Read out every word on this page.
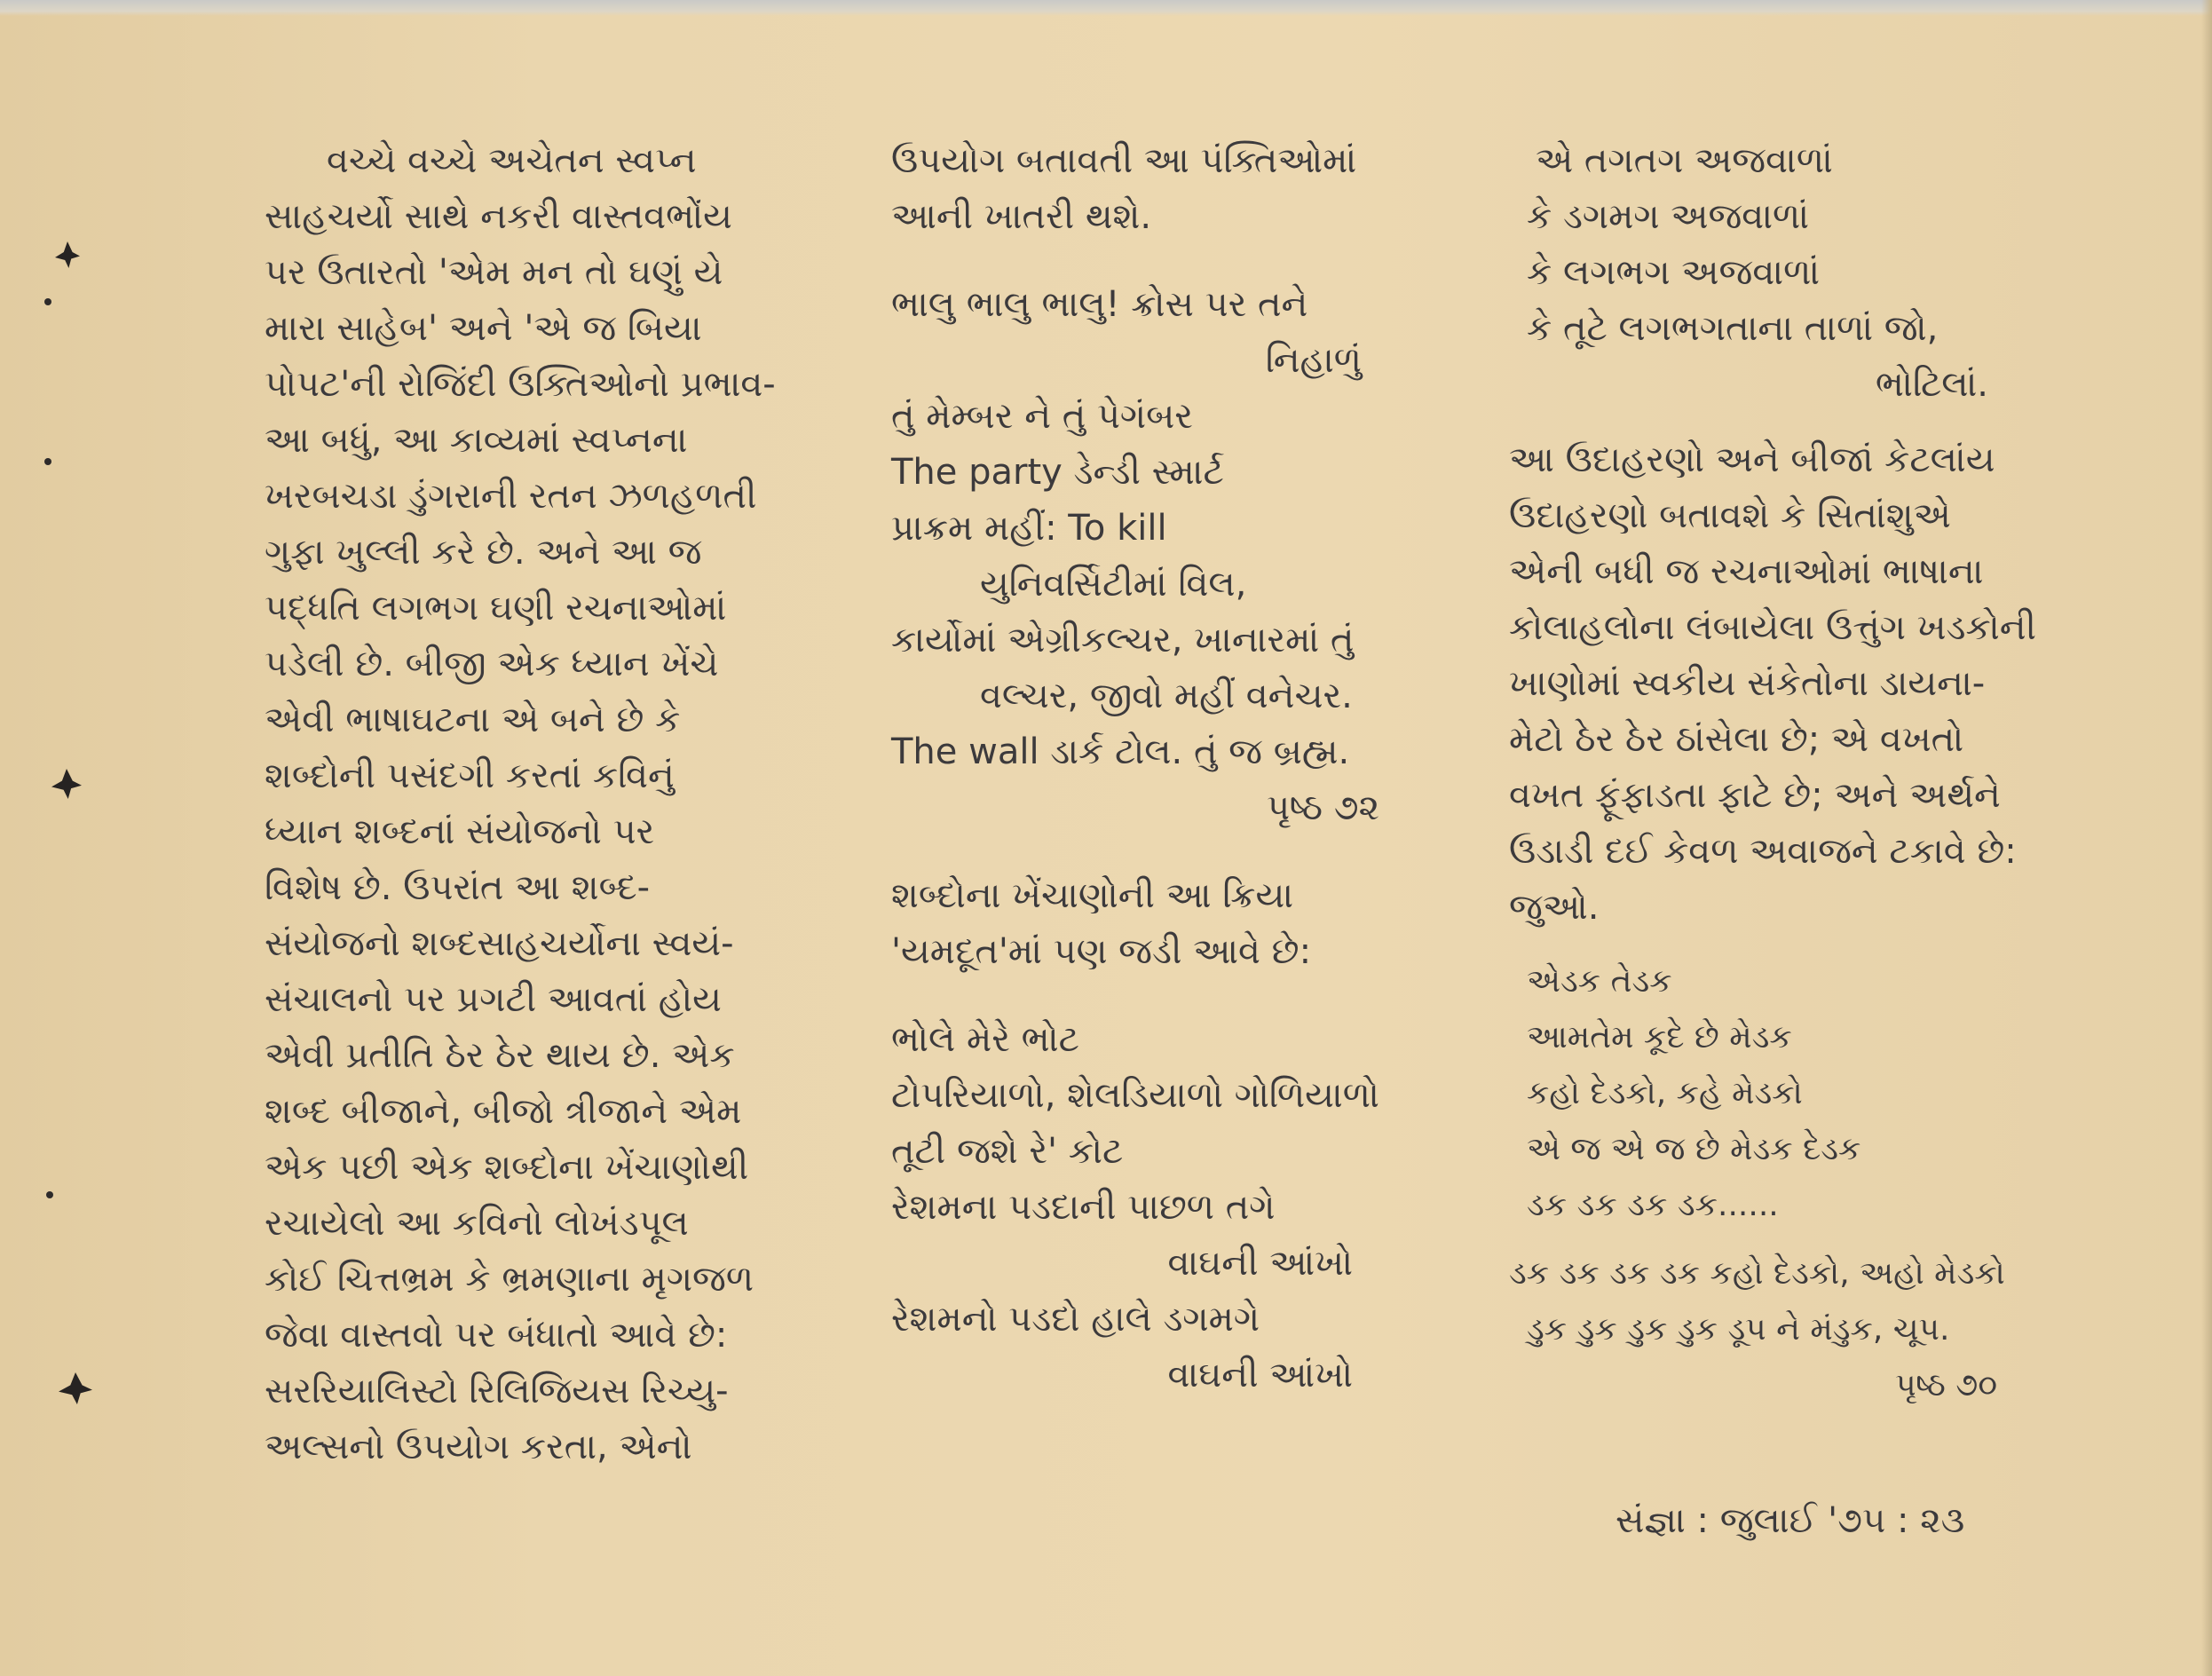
વચ્ચે વચ્ચે અચેતન સ્વપ્ન
સાહચર્યો સાથે નકરી વાસ્તવભોંય
પર ઉતારતો 'એમ મન તો ઘણું યે
મારા સાહેબ' અને 'એ જ બિયા
પોપટ'ની રોજિંદી ઉક્તિઓનો પ્રભાવ-
આ બધું, આ કાવ્યમાં સ્વપ્નના
ખરબચડા ડુંગરાની રતન ઝળહળતી
ગુફા ખુલ્લી કરે છે. અને આ જ
પદ્ધતિ લગભગ ઘણી રચનાઓમાં
પડેલી છે. બીજી એક ધ્યાન ખેંચે
એવી ભાષાઘટના એ બને છે કે
શબ્દોની પસંદગી કરતાં કવિનું
ધ્યાન શબ્દનાં સંયોજનો પર
વિશેષ છે. ઉપરાંત આ શબ્દ-
સંયોજનો શબ્દસાહચર્યોના સ્વયં-
સંચાલનો પર પ્રગટી આવતાં હોય
એવી પ્રતીતિ ઠેર ઠેર થાય છે. એક
શબ્દ બીજાને, બીજો ત્રીજાને એમ
એક પછી એક શબ્દોના ખેંચાણોથી
રચાયેલો આ કવિનો લોખંડપૂલ
કોઈ ચિત્તભ્રમ કે ભ્રમણાના મૃગજળ
જેવા વાસ્તવો પર બંધાતો આવે છે:
સરરિયાલિસ્ટો રિલિજિયસ રિચ્યુ-
અલ્સનો ઉપયોગ કરતા, એનો
ઉપયોગ બતાવતી આ પંક્તિઓમાં
આની ખાતરી થશે.
ભાલુ ભાલુ ભાલુ! ક્રોસ પર તને
નિહાળું
તું મેમ્બર ને તું પેગંબર
The party ડેન્ડી સ્માર્ટ
પ્રાક્રમ મહીં: To kill
યુનિવર્સિટીમાં વિલ,
કાર્યોમાં એગ્રીકલ્ચર, ખાનારમાં તું
વલ્ચર, જીવો મહીં વનેચર.
The wall ડાર્ક ટોલ. તું જ બ્રહ્મ.
પૃષ્ઠ ૭૨
શબ્દોના ખેંચાણોની આ ક્રિયા
'યમદૂત'માં પણ જડી આવે છે:
ભોલે મેરે ભોટ
ટોપરિયાળો, શેલડિયાળો ગોળિયાળો
તૂટી જશે રે' કોટ
રેશમના પડદાની પાછળ તગે
વાઘની આંખો
રેશમનો પડદો હાલે ડગમગે
વાઘની આંખો
એ તગતગ અજવાળાં
કે ડગમગ અજવાળાં
કે લગભગ અજવાળાં
કે તૂટે લગભગતાના તાળાં જો,
ભોટિલાં.
આ ઉદાહરણો અને બીજાં કેટલાંય
ઉદાહરણો બતાવશે કે સિતાંશુએ
એની બધી જ રચનાઓમાં ભાષાના
કોલાહલોના લંબાયેલા ઉત્તુંગ ખડકોની
ખાણોમાં સ્વકીય સંકેતોના ડાયના-
મેટો ઠેર ઠેર ઠાંસેલા છે; એ વખતો
વખત ફૂંફાડતા ફાટે છે; અને અર્થને
ઉડાડી દઈ કેવળ અવાજને ટકાવે છે:
જુઓ.
એડક તેડક
આમતેમ કૂદે છે મેડક
કહો દેડકો, કહે મેડકો
એ જ એ જ છે મેડક દેડક
ડક ડક ડક ડક......
ડક ડક ડક ડક કહો દેડકો, અહો મેડકો
ડુક ડુક ડુક ડુક ડૂપ ને મંડુક, ચૂપ.
પૃષ્ઠ ૭૦
સંજ્ઞા : જુલાઈ '૭૫ : ૨૩
